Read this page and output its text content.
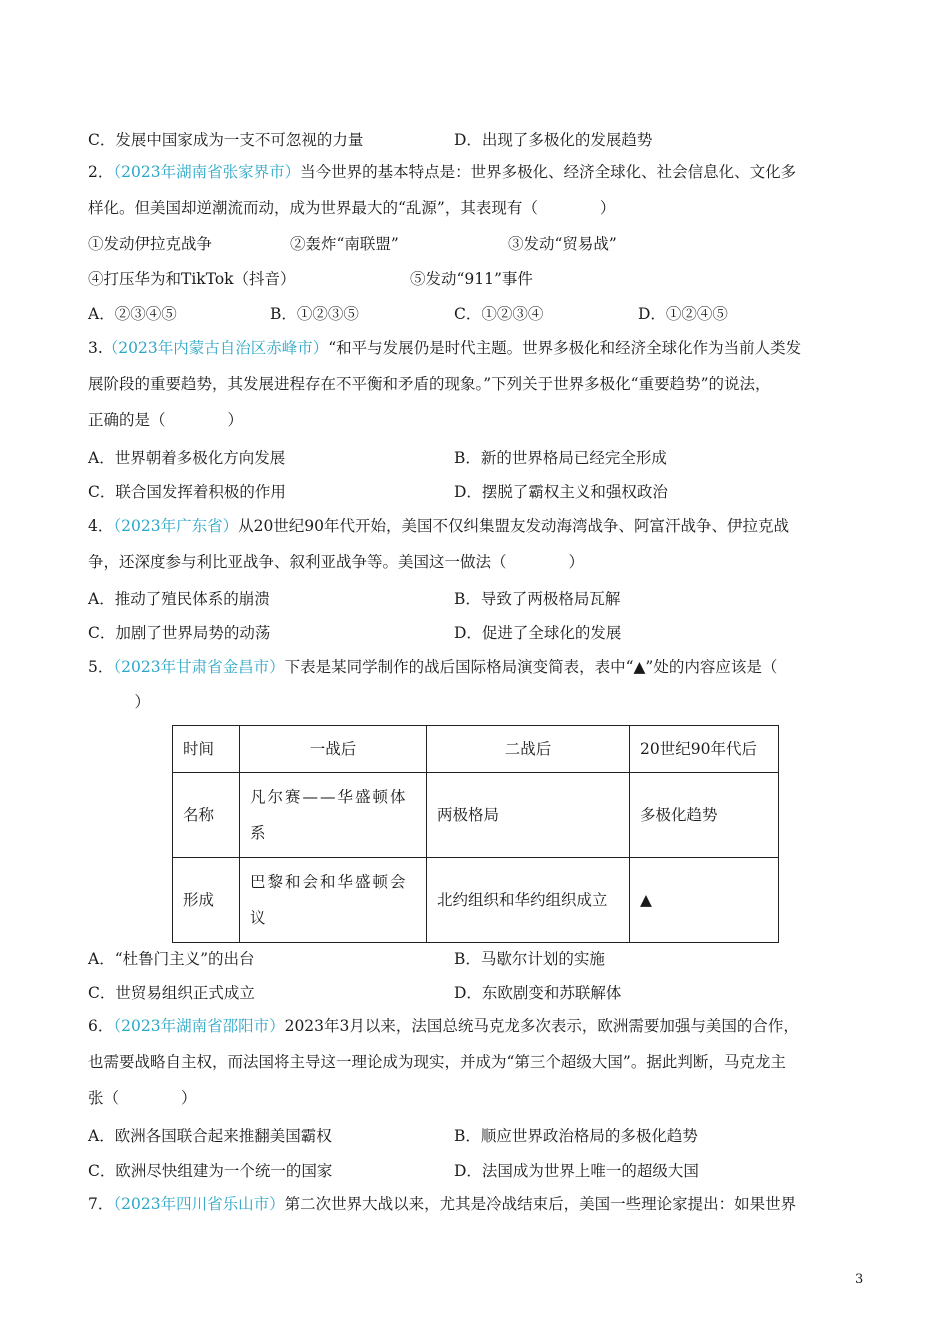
C．发展中国家成为一支不可忽视的力量	D．出现了多极化的发展趋势
2．（2023年湖南省张家界市）当今世界的基本特点是：世界多极化、经济全球化、社会信息化、文化多
样化。但美国却逆潮流而动，成为世界最大的“乱源”，其表现有（　　　　）
①发动伊拉克战争	②轰炸“南联盟”	③发动“贸易战”
④打压华为和TikTok（抖音）	⑤发动“911”事件
A．②③④⑤	B．①②③⑤	C．①②③④	D．①②④⑤
3.（2023年内蒙古自治区赤峰市）“和平与发展仍是时代主题。世界多极化和经济全球化作为当前人类发
展阶段的重要趋势，其发展进程存在不平衡和矛盾的现象。”下列关于世界多极化“重要趋势”的说法，
正确的是（　　　　）
A．世界朝着多极化方向发展	B．新的世界格局已经完全形成
C．联合国发挥着积极的作用	D．摆脱了霸权主义和强权政治
4．（2023年广东省）从20世纪90年代开始，美国不仅纠集盟友发动海湾战争、阿富汗战争、伊拉克战
争，还深度参与利比亚战争、叙利亚战争等。美国这一做法（　　　　）
A．推动了殖民体系的崩溃	B．导致了两极格局瓦解
C．加剧了世界局势的动荡	D．促进了全球化的发展
5．（2023年甘肃省金昌市）下表是某同学制作的战后国际格局演变简表，表中“▲”处的内容应该是（
　　　）
时间	一战后	二战后	20世纪90年代后
名称	凡尔赛——华盛顿体系	两极格局	多极化趋势
形成	巴黎和会和华盛顿会议	北约组织和华约组织成立	▲
A．“杜鲁门主义”的出台	B．马歇尔计划的实施
C．世贸易组织正式成立	D．东欧剧变和苏联解体
6．（2023年湖南省邵阳市）2023年3月以来，法国总统马克龙多次表示，欧洲需要加强与美国的合作，
也需要战略自主权，而法国将主导这一理论成为现实，并成为“第三个超级大国”。据此判断，马克龙主
张（　　　　）
A．欧洲各国联合起来推翻美国霸权	B．顺应世界政治格局的多极化趋势
C．欧洲尽快组建为一个统一的国家	D．法国成为世界上唯一的超级大国
7．（2023年四川省乐山市）第二次世界大战以来，尤其是冷战结束后，美国一些理论家提出：如果世界
3
